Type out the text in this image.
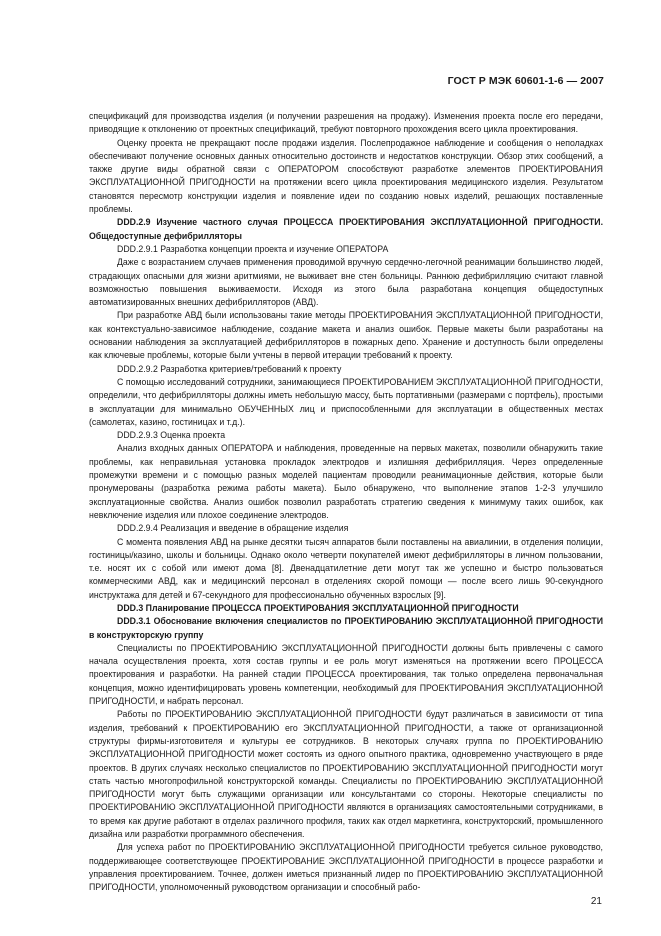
ГОСТ Р МЭК 60601-1-6 — 2007

спецификаций для производства изделия (и получении разрешения на продажу). Изменения проекта после его передачи, приводящие к отклонению от проектных спецификаций, требуют повторного прохождения всего цикла проектирования.

Оценку проекта не прекращают после продажи изделия. Послепродажное наблюдение и сообщения о неполадках обеспечивают получение основных данных относительно достоинств и недостатков конструкции. Обзор этих сообщений, а также другие виды обратной связи с ОПЕРАТОРОМ способствуют разработке элементов ПРОЕКТИРОВАНИЯ ЭКСПЛУАТАЦИОННОЙ ПРИГОДНОСТИ на протяжении всего цикла проектирования медицинского изделия. Результатом становятся пересмотр конструкции изделия и появление идеи по созданию новых изделий, решающих поставленные проблемы.

DDD.2.9 Изучение частного случая ПРОЦЕССА ПРОЕКТИРОВАНИЯ ЭКСПЛУАТАЦИОННОЙ ПРИГОДНОСТИ. Общедоступные дефибрилляторы

DDD.2.9.1 Разработка концепции проекта и изучение ОПЕРАТОРА

Даже с возрастанием случаев применения проводимой вручную сердечно-легочной реанимации большинство людей, страдающих опасными для жизни аритмиями, не выживает вне стен больницы. Раннюю дефибрилляцию считают главной возможностью повышения выживаемости. Исходя из этого была разработана концепция общедоступных автоматизированных внешних дефибрилляторов (АВД).

При разработке АВД были использованы такие методы ПРОЕКТИРОВАНИЯ ЭКСПЛУАТАЦИОННОЙ ПРИГОДНОСТИ, как контекстуально-зависимое наблюдение, создание макета и анализ ошибок. Первые макеты были разработаны на основании наблюдения за эксплуатацией дефибрилляторов в пожарных депо. Хранение и доступность были определены как ключевые проблемы, которые были учтены в первой итерации требований к проекту.

DDD.2.9.2 Разработка критериев/требований к проекту

С помощью исследований сотрудники, занимающиеся ПРОЕКТИРОВАНИЕМ ЭКСПЛУАТАЦИОННОЙ ПРИГОДНОСТИ, определили, что дефибрилляторы должны иметь небольшую массу, быть портативными (размерами с портфель), простыми в эксплуатации для минимально ОБУЧЕННЫХ лиц и приспособленными для эксплуатации в общественных местах (самолетах, казино, гостиницах и т.д.).

DDD.2.9.3 Оценка проекта

Анализ входных данных ОПЕРАТОРА и наблюдения, проведенные на первых макетах, позволили обнаружить такие проблемы, как неправильная установка прокладок электродов и излишняя дефибрилляция. Через определенные промежутки времени и с помощью разных моделей пациентам проводили реанимационные действия, которые были пронумерованы (разработка режима работы макета). Было обнаружено, что выполнение этапов 1-2-3 улучшило эксплуатационные свойства. Анализ ошибок позволил разработать стратегию сведения к минимуму таких ошибок, как невключение изделия или плохое соединение электродов.

DDD.2.9.4 Реализация и введение в обращение изделия

С момента появления АВД на рынке десятки тысяч аппаратов были поставлены на авиалинии, в отделения полиции, гостиницы/казино, школы и больницы. Однако около четверти покупателей имеют дефибрилляторы в личном пользовании, т.е. носят их с собой или имеют дома [8]. Двенадцатилетние дети могут так же успешно и быстро пользоваться коммерческими АВД, как и медицинский персонал в отделениях скорой помощи — после всего лишь 90-секундного инструктажа для детей и 67-секундного для профессионально обученных взрослых [9].

DDD.3 Планирование ПРОЦЕССА ПРОЕКТИРОВАНИЯ ЭКСПЛУАТАЦИОННОЙ ПРИГОДНОСТИ

DDD.3.1 Обоснование включения специалистов по ПРОЕКТИРОВАНИЮ ЭКСПЛУАТАЦИОННОЙ ПРИГОДНОСТИ в конструкторскую группу

Специалисты по ПРОЕКТИРОВАНИЮ ЭКСПЛУАТАЦИОННОЙ ПРИГОДНОСТИ должны быть привлечены с самого начала осуществления проекта, хотя состав группы и ее роль могут изменяться на протяжении всего ПРОЦЕССА проектирования и разработки. На ранней стадии ПРОЦЕССА проектирования, так только определена первоначальная концепция, можно идентифицировать уровень компетенции, необходимый для ПРОЕКТИРОВАНИЯ ЭКСПЛУАТАЦИОННОЙ ПРИГОДНОСТИ, и набрать персонал.

Работы по ПРОЕКТИРОВАНИЮ ЭКСПЛУАТАЦИОННОЙ ПРИГОДНОСТИ будут различаться в зависимости от типа изделия, требований к ПРОЕКТИРОВАНИЮ его ЭКСПЛУАТАЦИОННОЙ ПРИГОДНОСТИ, а также от организационной структуры фирмы-изготовителя и культуры ее сотрудников. В некоторых случаях группа по ПРОЕКТИРОВАНИЮ ЭКСПЛУАТАЦИОННОЙ ПРИГОДНОСТИ может состоять из одного опытного практика, одновременно участвующего в ряде проектов. В других случаях несколько специалистов по ПРОЕКТИРОВАНИЮ ЭКСПЛУАТАЦИОННОЙ ПРИГОДНОСТИ могут стать частью многопрофильной конструкторской команды. Специалисты по ПРОЕКТИРОВАНИЮ ЭКСПЛУАТАЦИОННОЙ ПРИГОДНОСТИ могут быть служащими организации или консультантами со стороны. Некоторые специалисты по ПРОЕКТИРОВАНИЮ ЭКСПЛУАТАЦИОННОЙ ПРИГОДНОСТИ являются в организациях самостоятельными сотрудниками, в то время как другие работают в отделах различного профиля, таких как отдел маркетинга, конструкторский, промышленного дизайна или разработки программного обеспечения.

Для успеха работ по ПРОЕКТИРОВАНИЮ ЭКСПЛУАТАЦИОННОЙ ПРИГОДНОСТИ требуется сильное руководство, поддерживающее соответствующее ПРОЕКТИРОВАНИЕ ЭКСПЛУАТАЦИОННОЙ ПРИГОДНОСТИ в процессе разработки и управления проектированием. Точнее, должен иметься признанный лидер по ПРОЕКТИРОВАНИЮ ЭКСПЛУАТАЦИОННОЙ ПРИГОДНОСТИ, уполномоченный руководством организации и способный рабо-

21
